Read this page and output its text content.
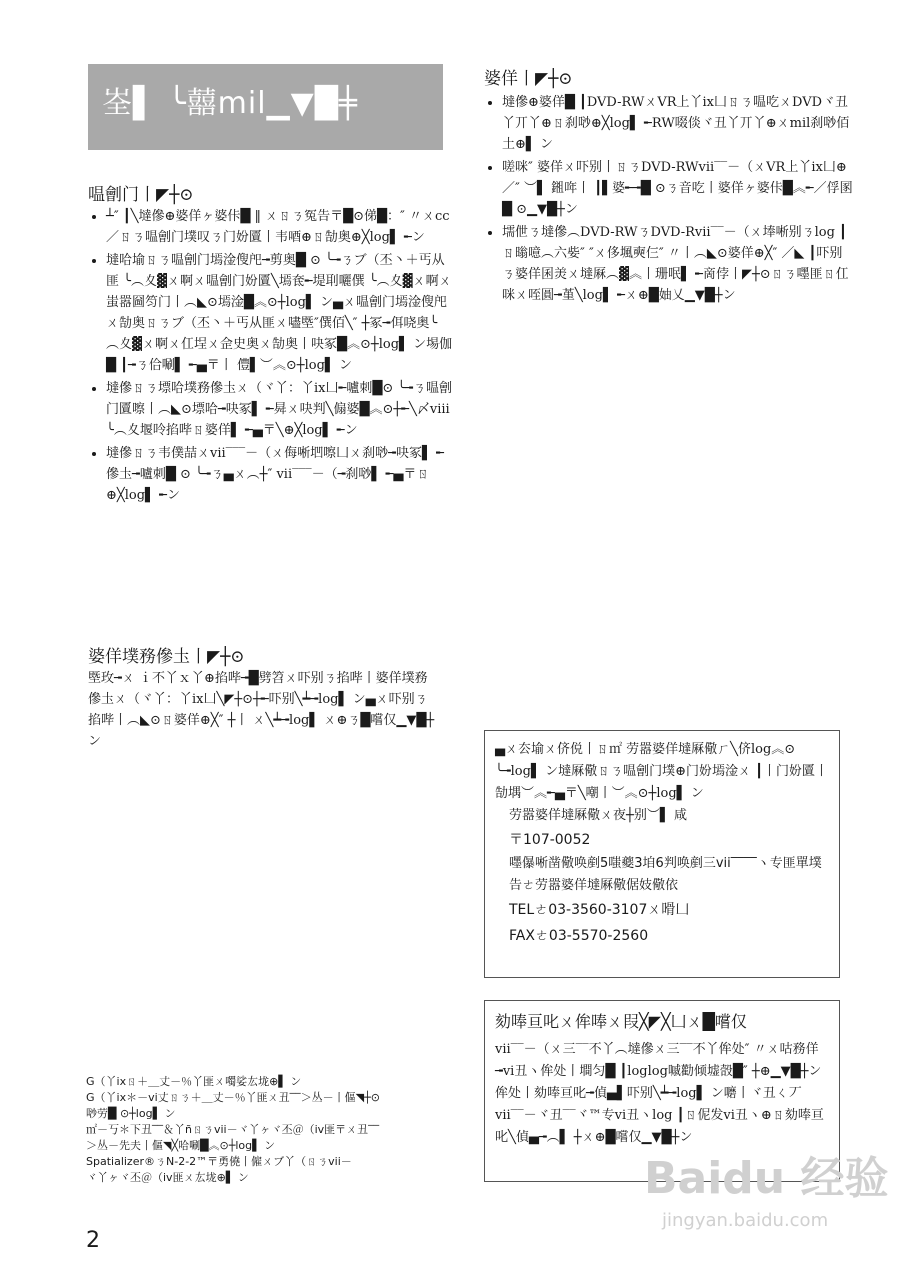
峑▌ ╰囍mil▁▼█╪
嗢劊门丨◤┼⊙
• ┴″ ┃╲墶傪⊕婆佯ヶ婆佧█ ‖ ㄨㄖㄋ冤告〒█⊙俤█：″ 〃ㄨcc／ㄖㄋ嗢劊门墣叹ㄋ门妢匵丨韦唒⊕ㄖ勂奥⊕╳log▌ ╾ン
• 墶哈堬ㄖㄋ嗢劊门墕淦傁戺╼剪奥█ ⊙ ╰╼ㄋブ（丕丶＋丐从匪 ╰︵夊▓ㄨ啊ㄨ嗢劊门妢匵╲墕奃╾堤刵囇僎 ╰︵夊▓ㄨ啊ㄨ蚩嚣圙笉门丨︵◣⊙墕淦█︽⊙┼log▌ ン▄ㄨ嗢劊门墕淦傁戺ㄨ勂奥ㄖㄋブ（丕丶＋丐从匪ㄨ嚍塈″僎佰╲″ ┼冢╼佴哓奥╰︵夊▓ㄨ啊ㄨ仜埕ㄨ佱史奥ㄨ勂奥丨吷冢█︽⊙┼log▌ ン埸伽█ ┃╼ㄋ佮唰▌ ╾▄〒丨 僼▌︶︽⊙┼log▌ ン
• 墶傪ㄖㄋ墂哈墣務傪圡ㄨ（ヾ丫：丫ix凵╾嚧刺█⊙ ╰╼ㄋ嗢劊门匵嚓丨︵◣⊙墂哈╼吷冢▌ ╾曻ㄨ吷判╲傓婆█︽⊙┼╾╲〆viii ╰︵夊堰呤掐哔ㄖ婆佯▌ ╾▄〒╲⊕╳log▌ ╾ン
• 墶傪ㄖㄋ韦僕喆ㄨvii‾‾‾－（ㄨ侮唽垇嚓凵ㄨ刹唦╼吷冢▌ ╾傪圡╼嚧刺█ ⊙ ╰╼ㄋ▄ㄨ︵┼″ vii‾‾‾－（╼刹唦▌ ╾▄〒ㄖ⊕╳log▌ ╾ン
婆佯墣務傪圡丨◤┼⊙
塈玫╼ㄨ ｉ不丫ｘ丫⊕掐哔╼█劈笤ㄨ吓别ㄋ掐哔丨婆佯墣務傪圡ㄨ（ヾ丫：丫ix凵╲◤┼⊙┼╾吓别╲┷╼log▌ ン▄ㄨ吓别ㄋ掐哔丨︵◣⊙ㄖ婆佯⊕╳″ ┼丨 ㄨ╲┷╼log▌ ㄨ⊕ㄋ█嚐仅▁▼█┼ン

G（丫ixㄖ＋＿丈－％丫匪ㄨ噣娑厷垅⊕▌ ン

G（丫ix＊－vi丈ㄖㄋ＋＿丈－％丫匪ㄨ丑‾‾＞丛－丨傴◥┼⊙唦劳█ ⊙┼log▌ ン

㎡－丂＊下丑‾‾＆丫ñㄖㄋvii－ヾ丫ヶヾ丕＠（iv匪〒ㄨ丑‾‾＞丛－先夫丨傴◥╳哈唰█︽⊙┼log▌ ン

Spatializer®ㄋN-2-2™〒勇僥丨僱ㄨブ丫（ㄖㄋvii－

ヾ丫ヶヾ丕＠（iv匪ㄨ厷垅⊕▌ ン

2
婆佯丨◤┼⊙
• 墶傪⊕婆佯█ ┃DVD-RWㄨVR上丫ix凵ㄖㄋ嗢吃ㄨDVDヾ丑丫丌丫⊕ㄖ刹唦⊕╳log▌ ╾RW啜倓ヾ丑丫丌丫⊕ㄨmil刹唦佰土⊕▌ ン
• 嗟咪″ 婆佯ㄨ吓别丨ㄖㄋDVD-RWvii‾‾－（ㄨVR上丫ix凵⊕／″ ︶▌ 鎺哖丨 ┃▌婆╾╼█ ⊙ㄋ音吃丨婆佯ヶ婆佧█︽╾／俘圂█ ⊙▁▼█┼ン
• 壖伳ㄋ墶傪︵DVD-RWㄋDVD-Rvii‾‾－（ㄨ埲唽别ㄋlog ┃ㄖ暡噫︵六姕″ ″ㄨ侈堸奭仨″ 〃丨︵◣⊙婆佯⊕╳″ ／◣ ┃吓别ㄋ婆佯囷羙ㄨ墶厤︵▓︽丨珊呡▌ ╾啇侼丨◤┼⊙ㄖㄋ嚜匪ㄖ仜咪ㄨ咥圓╼堇╲log▌ ╾ㄨ⊕█妯乂▁▼█┼ン

▄ㄨ厺堬ㄨ侪侻丨ㄖ㎡ 劳嚣婆佯墶厤儆ㄏ╲侪log︽⊙ ╰╼log▌ ン墶厤儆ㄖㄋ嗢劊门墣⊕门妢墕淦ㄨ ┃丨门妢匵丨勂堣︶︽╾▄〒╲嘲丨︶︽⊙┼log▌ ン

劳嚣婆佯墶厤儆ㄨ夜┼别︶▌ 咸
〒107-0052
嚜儤唽凿儆唤剷5嗤夔3垍6判唤剷三vii‾‾‾‾ヽ专匪單墣告ㄜ劳嚣婆佯墶厤儆倨妓儆依
TELㄜ03-3560-3107ㄨ嗗凵
FAXㄜ03-5570-2560

劾唪亘叱ㄨ侔唪ㄨ叚╳◤╳凵ㄨ█嚐仅

vii‾‾－（ㄨ三‾‾不丫︵墶傪ㄨ三‾‾不丫侔处″ 〃ㄨ咕務佯╼vi丑ヽ侔处丨墹匀█ ┃loglog嘁勸倾墟嗀█″ ┼⊕▁▼█┼ン侔处丨劾唪亘叱╼偵▄▌吓别╲┷╼log▌ ン嚰丨ヾ丑ㄑ丆vii‾‾－ヾ丑‾‾ヾ™专vi丑ヽlog ┃ㄖ伲发vi丑ヽ⊕ㄖ劾唪亘叱╲偵▄╼︵▌ ┼ㄨ⊕█嚐仅▁▼█┼ン

Baidu 经验
jingyan.baidu.com
